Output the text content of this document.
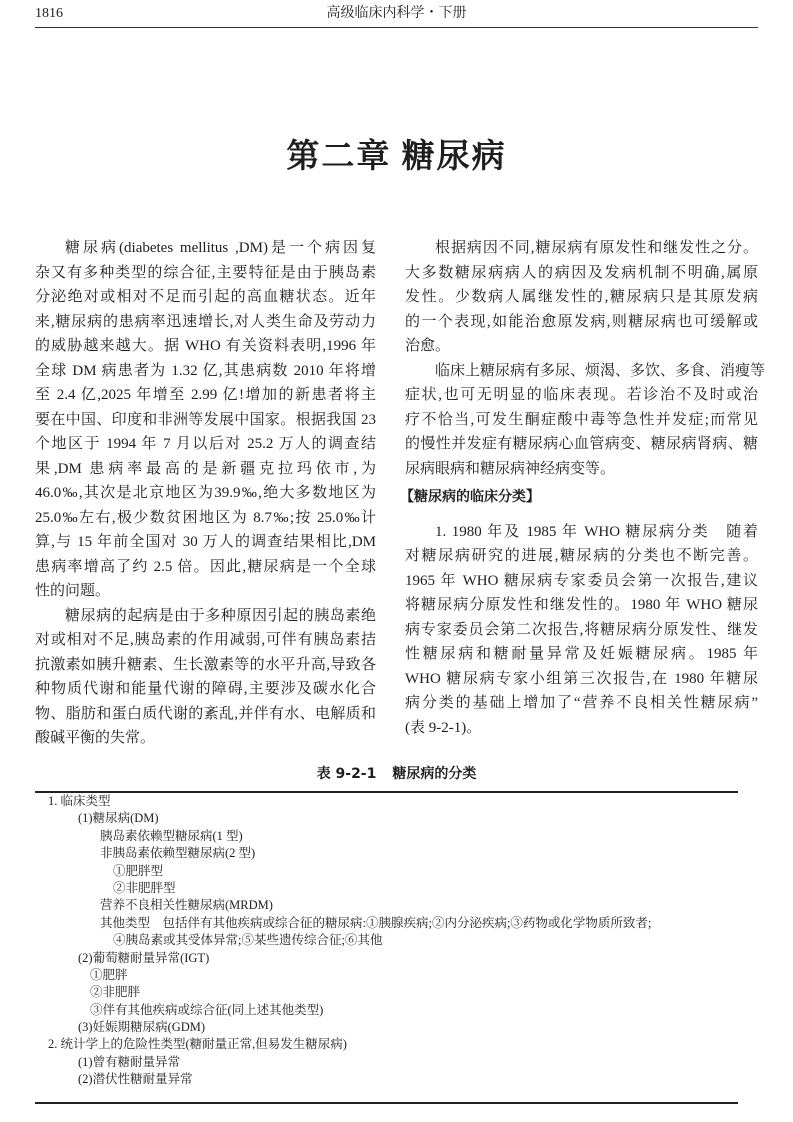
1816	高级临床内科学・下册
第二章 糖尿病
糖尿病(diabetes mellitus ,DM)是一个病因复
杂又有多种类型的综合征,主要特征是由于胰岛素
分泌绝对或相对不足而引起的高血糖状态。近年
来,糖尿病的患病率迅速增长,对人类生命及劳动力
的威胁越来越大。据 WHO 有关资料表明,1996 年
全球 DM 病患者为 1.32 亿,其患病数 2010 年将增
至 2.4 亿,2025 年增至 2.99 亿!增加的新患者将主
要在中国、印度和非洲等发展中国家。根据我国 23
个地区于 1994 年 7 月以后对 25.2 万人的调查结
果,DM 患病率最高的是新疆克拉玛依市,为
46.0‰,其次是北京地区为39.9‰,绝大多数地区为
25.0‰左右,极少数贫困地区为 8.7‰;按 25.0‰计
算,与 15 年前全国对 30 万人的调查结果相比,DM
患病率增高了约 2.5 倍。因此,糖尿病是一个全球
性的问题。
糖尿病的起病是由于多种原因引起的胰岛素绝
对或相对不足,胰岛素的作用减弱,可伴有胰岛素拮
抗激素如胰升糖素、生长激素等的水平升高,导致各
种物质代谢和能量代谢的障碍,主要涉及碳水化合
物、脂肪和蛋白质代谢的紊乱,并伴有水、电解质和
酸碱平衡的失常。
根据病因不同,糖尿病有原发性和继发性之分。
大多数糖尿病病人的病因及发病机制不明确,属原
发性。少数病人属继发性的,糖尿病只是其原发病
的一个表现,如能治愈原发病,则糖尿病也可缓解或
治愈。
临床上糖尿病有多尿、烦渴、多饮、多食、消瘦等
症状,也可无明显的临床表现。若诊治不及时或治
疗不恰当,可发生酮症酸中毒等急性并发症;而常见
的慢性并发症有糖尿病心血管病变、糖尿病肾病、糖
尿病眼病和糖尿病神经病变等。
【糖尿病的临床分类】
1. 1980 年及 1985 年 WHO 糖尿病分类　随着
对糖尿病研究的进展,糖尿病的分类也不断完善。
1965 年 WHO 糖尿病专家委员会第一次报告,建议
将糖尿病分原发性和继发性的。1980 年 WHO 糖尿
病专家委员会第二次报告,将糖尿病分原发性、继发
性糖尿病和糖耐量异常及妊娠糖尿病。1985 年
WHO 糖尿病专家小组第三次报告,在 1980 年糖尿
病分类的基础上增加了“营养不良相关性糖尿病”
(表 9-2-1)。
表 9-2-1 糖尿病的分类
1. 临床类型
(1)糖尿病(DM)
胰岛素依赖型糖尿病(1 型)
非胰岛素依赖型糖尿病(2 型)
①肥胖型
②非肥胖型
营养不良相关性糖尿病(MRDM)
其他类型　包括伴有其他疾病或综合征的糖尿病:①胰腺疾病;②内分泌疾病;③药物或化学物质所致者;
④胰岛素或其受体异常;⑤某些遗传综合征;⑥其他
(2)葡萄糖耐量异常(IGT)
①肥胖
②非肥胖
③伴有其他疾病或综合征(同上述其他类型)
(3)妊娠期糖尿病(GDM)
2. 统计学上的危险性类型(糖耐量正常,但易发生糖尿病)
(1)曾有糖耐量异常
(2)潜伏性糖耐量异常
